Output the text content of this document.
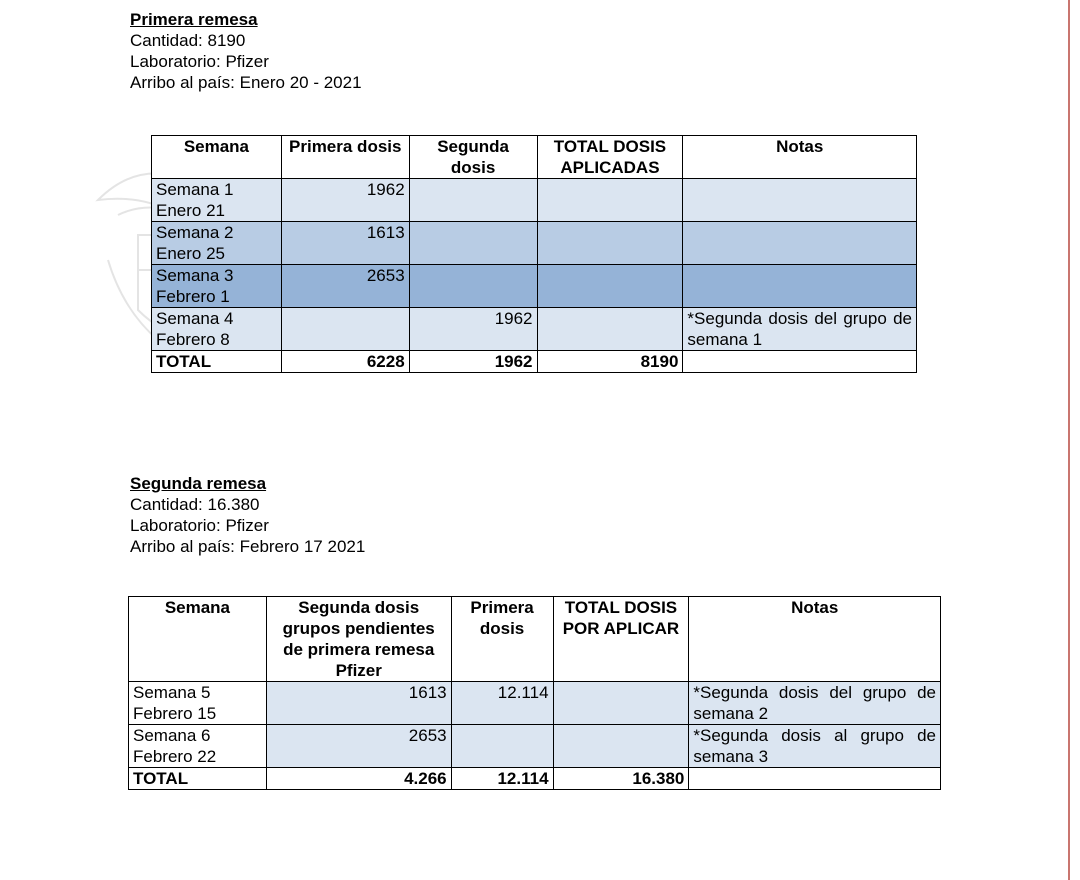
Primera remesa
Cantidad: 8190
Laboratorio: Pfizer
Arribo al país: Enero 20 - 2021
Semana	Primera dosis	Segunda dosis	TOTAL DOSIS APLICADAS	Notas
Semana 1
Enero 21	1962			
Semana 2
Enero 25	1613			
Semana 3
Febrero 1	2653			
Semana 4
Febrero 8		1962		*Segunda dosis del grupo de semana 1
TOTAL	6228	1962	8190	
Segunda remesa
Cantidad: 16.380
Laboratorio: Pfizer
Arribo al país: Febrero 17 2021
Semana	Segunda dosis grupos pendientes de primera remesa Pfizer	Primera dosis	TOTAL DOSIS POR APLICAR	Notas
Semana 5
Febrero 15	1613	12.114		*Segunda dosis del grupo de semana 2
Semana 6
Febrero 22	2653			*Segunda dosis al grupo de semana 3
TOTAL	4.266	12.114	16.380	
